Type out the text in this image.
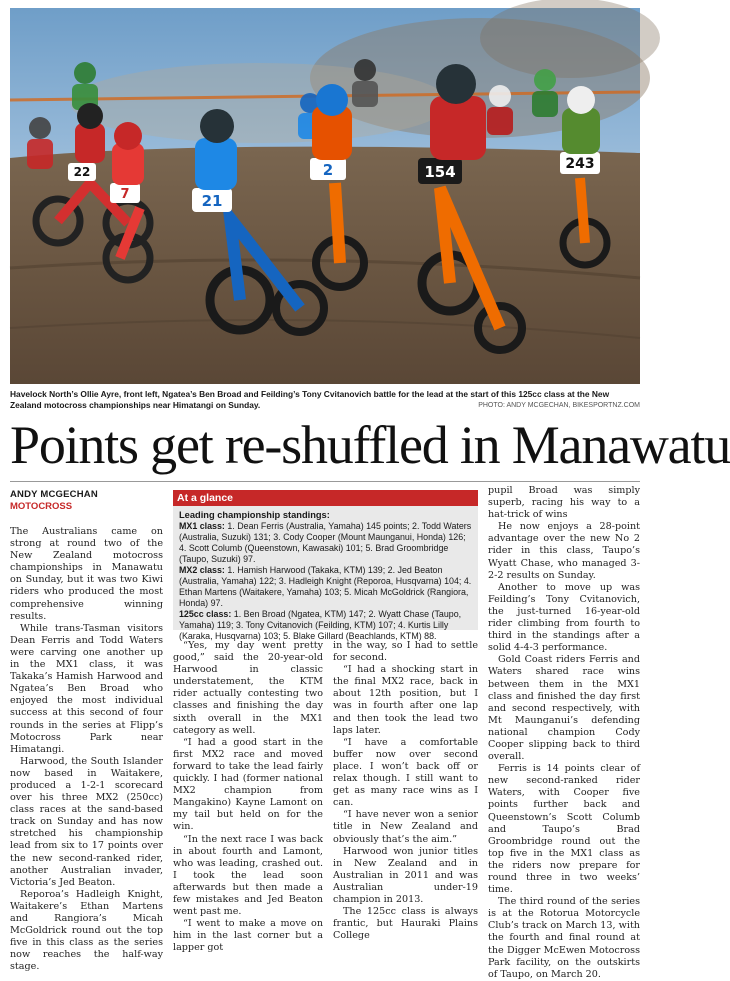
22
7	21
2	154	243
Havelock North’s Ollie Ayre, front left, Ngatea’s Ben Broad and Feilding’s Tony Cvitanovich battle for the lead at the start of this 125cc class at the New Zealand motocross championships near Himatangi on Sunday.	PHOTO: ANDY MCGECHAN, BIKESPORTNZ.COM
Points get re-shuffled in Manawatu
ANDY MCGECHAN
MOTOCROSS

The Australians came on strong at round two of the New Zealand motocross championships in Manawatu on Sunday, but it was two Kiwi riders who produced the most comprehensive winning results.

While trans-Tasman visitors Dean Ferris and Todd Waters were carving one another up in the MX1 class, it was Takaka’s Hamish Harwood and Ngatea’s Ben Broad who enjoyed the most individual success at this second of four rounds in the series at Flipp’s Motocross Park near Himatangi.

Harwood, the South Islander now based in Waitakere, produced a 1-2-1 scorecard over his three MX2 (250cc) class races at the sand-based track on Sunday and has now stretched his championship lead from six to 17 points over the new second-ranked rider, another Australian invader, Victoria’s Jed Beaton.

Reporoa’s Hadleigh Knight, Waitakere’s Ethan Martens and Rangiora’s Micah McGoldrick round out the top five in this class as the series now reaches the half-way stage.

At a glance
Leading championship standings:
MX1 class: 1. Dean Ferris (Australia, Yamaha) 145 points; 2. Todd Waters (Australia, Suzuki) 131; 3. Cody Cooper (Mount Maunganui, Honda) 126; 4. Scott Columb (Queenstown, Kawasaki) 101; 5. Brad Groombridge (Taupo, Suzuki) 97.
MX2 class: 1. Hamish Harwood (Takaka, KTM) 139; 2. Jed Beaton (Australia, Yamaha) 122; 3. Hadleigh Knight (Reporoa, Husqvarna) 104; 4. Ethan Martens (Waitakere, Yamaha) 103; 5. Micah McGoldrick (Rangiora, Honda) 97.
125cc class: 1. Ben Broad (Ngatea, KTM) 147; 2. Wyatt Chase (Taupo, Yamaha) 119; 3. Tony Cvitanovich (Feilding, KTM) 107; 4. Kurtis Lilly (Karaka, Husqvarna) 103; 5. Blake Gillard (Beachlands, KTM) 88.

“Yes, my day went pretty good,” said the 20-year-old Harwood in classic understatement, the KTM rider actually contesting two classes and finishing the day sixth overall in the MX1 category as well.

“I had a good start in the first MX2 race and moved forward to take the lead fairly quickly. I had (former national MX2 champion from Mangakino) Kayne Lamont on my tail but held on for the win.

“In the next race I was back in about fourth and Lamont, who was leading, crashed out. I took the lead soon afterwards but then made a few mistakes and Jed Beaton went past me.

“I went to make a move on him in the last corner but a lapper got

in the way, so I had to settle for second.

“I had a shocking start in the final MX2 race, back in about 12th position, but I was in fourth after one lap and then took the lead two laps later.

“I have a comfortable buffer now over second place. I won’t back off or relax though. I still want to get as many race wins as I can.

“I have never won a senior title in New Zealand and obviously that’s the aim.”

Harwood won junior titles in New Zealand and in Australian in 2011 and was Australian under-19 champion in 2013.

The 125cc class is always frantic, but Hauraki Plains College

pupil Broad was simply superb, racing his way to a hat-trick of wins

He now enjoys a 28-point advantage over the new No 2 rider in this class, Taupo’s Wyatt Chase, who managed 3-2-2 results on Sunday.

Another to move up was Feilding’s Tony Cvitanovich, the just-turned 16-year-old rider climbing from fourth to third in the standings after a solid 4-4-3 performance.

Gold Coast riders Ferris and Waters shared race wins between them in the MX1 class and finished the day first and second respectively, with Mt Maunganui’s defending national champion Cody Cooper slipping back to third overall.

Ferris is 14 points clear of new second-ranked rider Waters, with Cooper five points further back and Queenstown’s Scott Columb and Taupo’s Brad Groombridge round out the top five in the MX1 class as the riders now prepare for round three in two weeks’ time.

The third round of the series is at the Rotorua Motorcycle Club’s track on March 13, with the fourth and final round at the Digger McEwen Motocross Park facility, on the outskirts of Taupo, on March 20.
